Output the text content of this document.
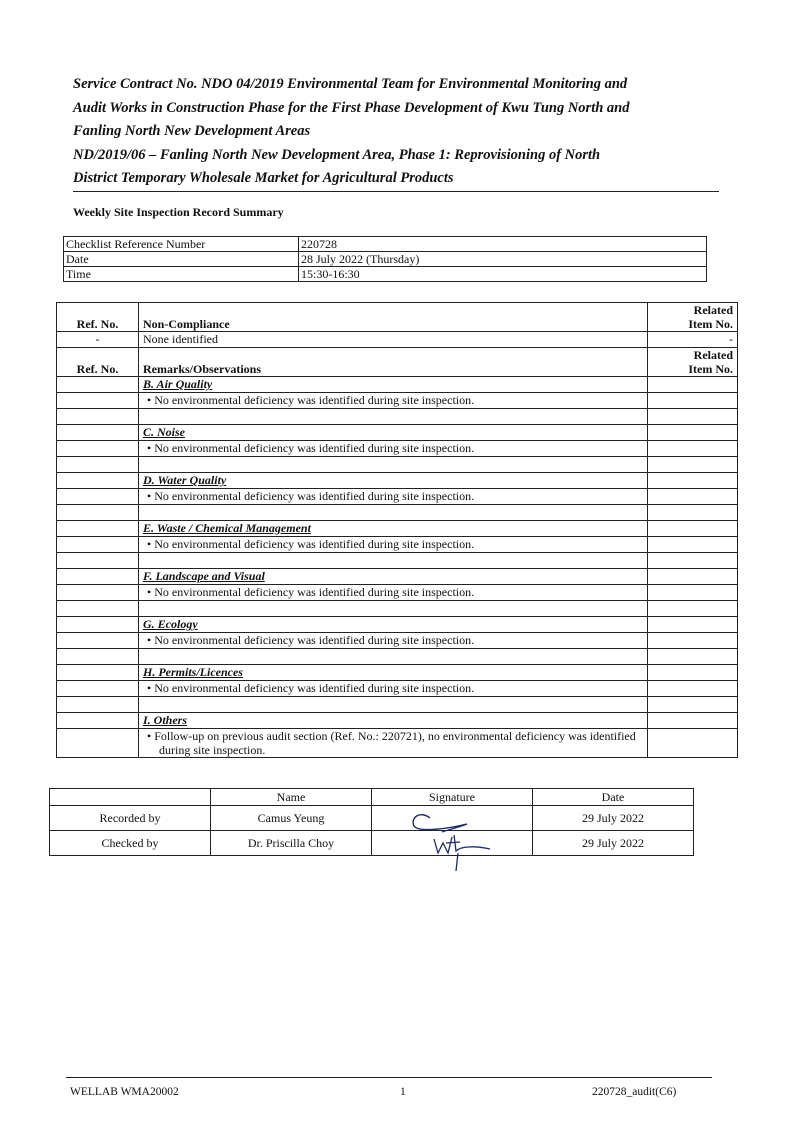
Service Contract No. NDO 04/2019 Environmental Team for Environmental Monitoring and
Audit Works in Construction Phase for the First Phase Development of Kwu Tung North and
Fanling North New Development Areas
ND/2019/06 – Fanling North New Development Area, Phase 1: Reprovisioning of North
District Temporary Wholesale Market for Agricultural Products
Weekly Site Inspection Record Summary
Checklist Reference Number	220728
Date	28 July 2022 (Thursday)
Time	15:30-16:30
Ref. No.	Non-Compliance	Related
Item No.
-	None identified	-
Ref. No.	Remarks/Observations	Related
Item No.
	B. Air Quality	
	• No environmental deficiency was identified during site inspection.	

	C. Noise	
	• No environmental deficiency was identified during site inspection.	

	D. Water Quality	
	• No environmental deficiency was identified during site inspection.	

	E. Waste / Chemical Management	
	• No environmental deficiency was identified during site inspection.	

	F. Landscape and Visual	
	• No environmental deficiency was identified during site inspection.	

	G. Ecology	
	• No environmental deficiency was identified during site inspection.	

	H. Permits/Licences	
	• No environmental deficiency was identified during site inspection.	

	I. Others	
	• Follow-up on previous audit section (Ref. No.: 220721), no environmental deficiency was identified during site inspection.	
	Name	Signature	Date
Recorded by	Camus Yeung		29 July 2022
Checked by	Dr. Priscilla Choy		29 July 2022
WELLAB WMA20002	1	220728_audit(C6)
